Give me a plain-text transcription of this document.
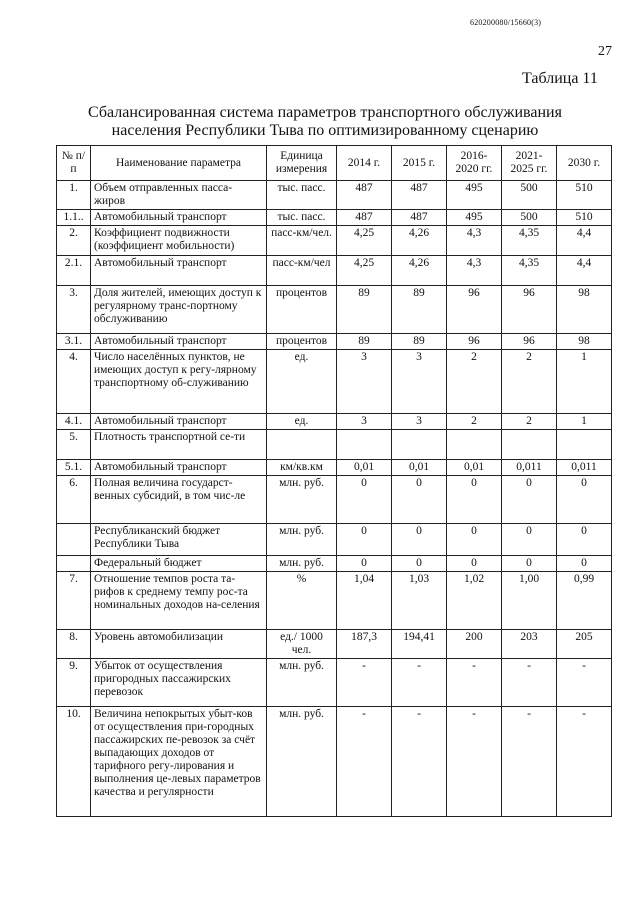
620200080/15660(3)
27
Таблица 11
Сбалансированная система параметров транспортного обслуживания
населения Республики Тыва по оптимизированному сценарию
№ п/п	Наименование параметра	Единица измерения	2014 г.	2015 г.	2016- 2020 гг.	2021- 2025 гг.	2030 г.
1.	Объем отправленных пасса-жиров	тыс. пасс.	487	487	495	500	510
1.1..	Автомобильный транспорт	тыс. пасс.	487	487	495	500	510
2.	Коэффициент подвижности (коэффициент мобильности)	пасс-км/чел.	4,25	4,26	4,3	4,35	4,4
2.1.	Автомобильный транспорт	пасс-км/чел	4,25	4,26	4,3	4,35	4,4
3.	Доля жителей, имеющих доступ к регулярному транс-портному обслуживанию	процентов	89	89	96	96	98
3.1.	Автомобильный транспорт	процентов	89	89	96	96	98
4.	Число населённых пунктов, не имеющих доступ к регу-лярному транспортному об-служиванию	ед.	3	3	2	2	1
4.1.	Автомобильный транспорт	ед.	3	3	2	2	1
5.	Плотность транспортной се-ти						
5.1.	Автомобильный транспорт	км/кв.км	0,01	0,01	0,01	0,011	0,011
6.	Полная величина государст-венных субсидий, в том чис-ле	млн. руб.	0	0	0	0	0
	Республиканский бюджет Республики Тыва	млн. руб.	0	0	0	0	0
	Федеральный бюджет	млн. руб.	0	0	0	0	0
7.	Отношение темпов роста та-рифов к среднему темпу рос-та номинальных доходов на-селения	%	1,04	1,03	1,02	1,00	0,99
8.	Уровень автомобилизации	ед./ 1000 чел.	187,3	194,41	200	203	205
9.	Убыток от осуществления пригородных пассажирских перевозок	млн. руб.	-	-	-	-	-
10.	Величина непокрытых убыт-ков от осуществления при-городных пассажирских пе-ревозок за счёт выпадающих доходов от тарифного регу-лирования и выполнения це-левых параметров качества и регулярности	млн. руб.	-	-	-	-	-
